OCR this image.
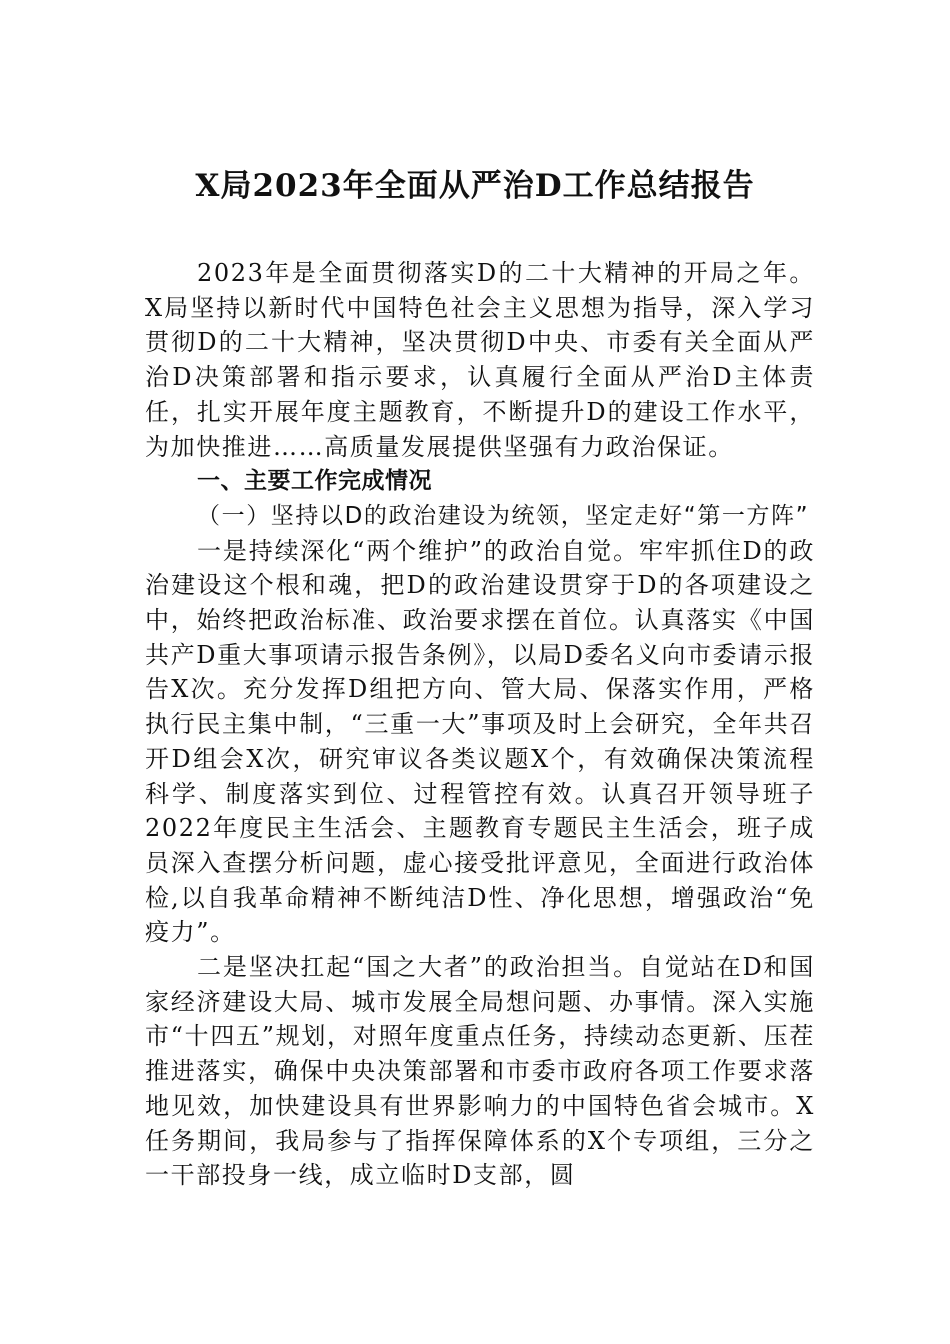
X局2023年全面从严治D工作总结报告

2023年是全面贯彻落实D的二十大精神的开局之年。X局坚持以新时代中国特色社会主义思想为指导，深入学习贯彻D的二十大精神，坚决贯彻D中央、市委有关全面从严治D决策部署和指示要求，认真履行全面从严治D主体责任，扎实开展年度主题教育，不断提升D的建设工作水平，为加快推进……高质量发展提供坚强有力政治保证。

一、主要工作完成情况

（一）坚持以D的政治建设为统领，坚定走好“第一方阵”

一是持续深化“两个维护”的政治自觉。牢牢抓住D的政治建设这个根和魂，把D的政治建设贯穿于D的各项建设之中，始终把政治标准、政治要求摆在首位。认真落实《中国共产D重大事项请示报告条例》，以局D委名义向市委请示报告X次。充分发挥D组把方向、管大局、保落实作用，严格执行民主集中制，“三重一大”事项及时上会研究，全年共召开D组会X次，研究审议各类议题X个，有效确保决策流程科学、制度落实到位、过程管控有效。认真召开领导班子2022年度民主生活会、主题教育专题民主生活会，班子成员深入查摆分析问题，虚心接受批评意见，全面进行政治体检,以自我革命精神不断纯洁D性、净化思想，增强政治“免疫力”。

二是坚决扛起“国之大者”的政治担当。自觉站在D和国家经济建设大局、城市发展全局想问题、办事情。深入实施市“十四五”规划，对照年度重点任务，持续动态更新、压茬推进落实，确保中央决策部署和市委市政府各项工作要求落地见效，加快建设具有世界影响力的中国特色省会城市。X任务期间，我局参与了指挥保障体系的X个专项组，三分之一干部投身一线，成立临时D支部，圆
